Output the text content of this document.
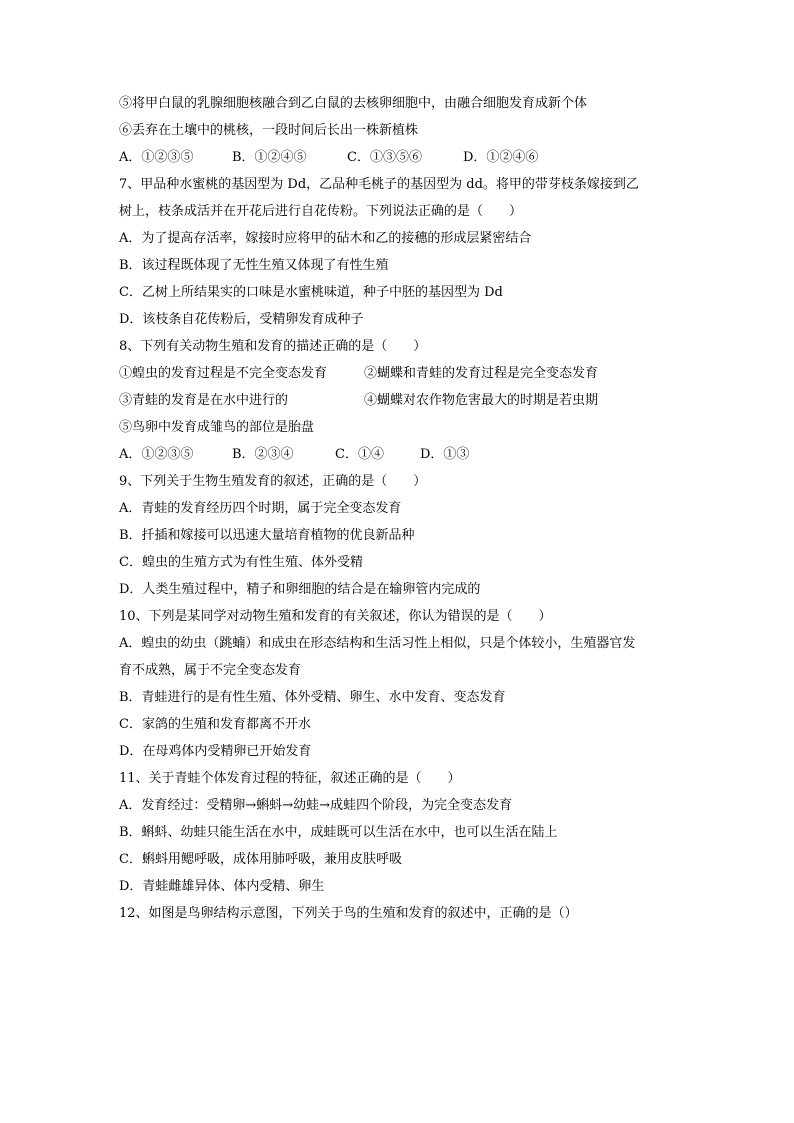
⑤将甲白鼠的乳腺细胞核融合到乙白鼠的去核卵细胞中，由融合细胞发育成新个体
⑥丢弃在土壤中的桃核，一段时间后长出一株新植株
A．①②③⑤	B．①②④⑤	C．①③⑤⑥	D．①②④⑥
7、甲品种水蜜桃的基因型为 Dd，乙品种毛桃子的基因型为 dd。将甲的带芽枝条嫁接到乙
树上，枝条成活并在开花后进行自花传粉。下列说法正确的是（　　）
A．为了提高存活率，嫁接时应将甲的砧木和乙的接穗的形成层紧密结合
B．该过程既体现了无性生殖又体现了有性生殖
C．乙树上所结果实的口味是水蜜桃味道，种子中胚的基因型为 Dd
D．该枝条自花传粉后，受精卵发育成种子
8、下列有关动物生殖和发育的描述正确的是（　　）
①蝗虫的发育过程是不完全变态发育	②蝴蝶和青蛙的发育过程是完全变态发育
③青蛙的发育是在水中进行的	④蝴蝶对农作物危害最大的时期是若虫期
⑤鸟卵中发育成雏鸟的部位是胎盘
A．①②③⑤	B．②③④	C．①④	D．①③
9、下列关于生物生殖发育的叙述，正确的是（　　）
A．青蛙的发育经历四个时期，属于完全变态发育
B．扦插和嫁接可以迅速大量培育植物的优良新品种
C．蝗虫的生殖方式为有性生殖、体外受精
D．人类生殖过程中，精子和卵细胞的结合是在输卵管内完成的
10、下列是某同学对动物生殖和发育的有关叙述，你认为错误的是（　　）
A．蝗虫的幼虫（跳蝻）和成虫在形态结构和生活习性上相似，只是个体较小，生殖器官发
育不成熟，属于不完全变态发育
B．青蛙进行的是有性生殖、体外受精、卵生、水中发育、变态发育
C．家鸽的生殖和发育都离不开水
D．在母鸡体内受精卵已开始发育
11、关于青蛙个体发育过程的特征，叙述正确的是（　　）
A．发育经过：受精卵→蝌蚪→幼蛙→成蛙四个阶段，为完全变态发育
B．蝌蚪、幼蛙只能生活在水中，成蛙既可以生活在水中，也可以生活在陆上
C．蝌蚪用鳃呼吸，成体用肺呼吸，兼用皮肤呼吸
D．青蛙雌雄异体、体内受精、卵生
12、如图是鸟卵结构示意图，下列关于鸟的生殖和发育的叙述中，正确的是（）
